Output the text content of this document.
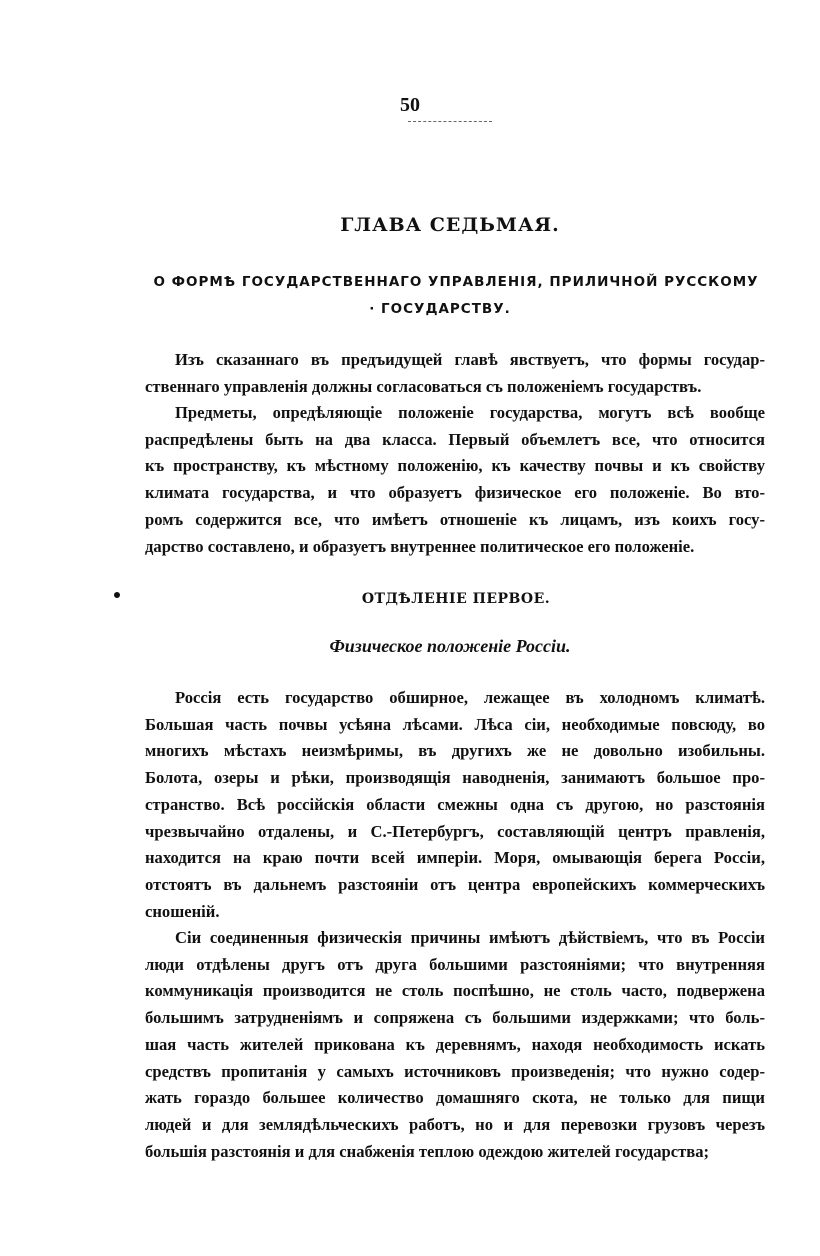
50
ГЛАВА СЕДЬМАЯ.
О ФОРМѢ ГОСУДАРСТВЕННАГО УПРАВЛЕНІЯ, ПРИЛИЧНОЙ РУССКОМУ
· ГОСУДАРСТВУ.
ОТДѢЛЕНІЕ ПЕРВОЕ.
Физическое положеніе Россіи.
Изъ сказаннаго въ предъидущей главѣ явствуетъ, что формы государ-
ственнаго управленія должны согласоваться съ положеніемъ государствъ.
Предметы, опредѣляющіе положеніе государства, могутъ всѣ вообще
распредѣлены быть на два класса. Первый объемлетъ все, что относится
къ пространству, къ мѣстному положенію, къ качеству почвы и къ свойству
климата государства, и что образуетъ физическое его положеніе. Во вто-
ромъ содержится все, что имѣетъ отношеніе къ лицамъ, изъ коихъ госу-
дарство составлено, и образуетъ внутреннее политическое его положеніе.
Россія есть государство обширное, лежащее въ холодномъ климатѣ.
Большая часть почвы усѣяна лѣсами. Лѣса сіи, необходимые повсюду, во
многихъ мѣстахъ неизмѣримы, въ другихъ же не довольно изобильны.
Болота, озеры и рѣки, производящія наводненія, занимаютъ большое про-
странство. Всѣ россійскія области смежны одна съ другою, но разстоянія
чрезвычайно отдалены, и С.-Петербургъ, составляющій центръ правленія,
находится на краю почти всей имперіи. Моря, омывающія берега Россіи,
отстоятъ въ дальнемъ разстояніи отъ центра европейскихъ коммерческихъ
сношеній.
Сіи соединенныя физическія причины имѣютъ дѣйствіемъ, что въ Россіи
люди отдѣлены другъ отъ друга большими разстояніями; что внутренняя
коммуникація производится не столь поспѣшно, не столь часто, подвержена
большимъ затрудненіямъ и сопряжена съ большими издержками; что боль-
шая часть жителей прикована къ деревнямъ, находя необходимость искать
средствъ пропитанія у самыхъ источниковъ произведенія; что нужно содер-
жать гораздо большее количество домашняго скота, не только для пищи
людей и для землядѣльческихъ работъ, но и для перевозки грузовъ черезъ
большія разстоянія и для снабженія теплою одеждою жителей государства;
